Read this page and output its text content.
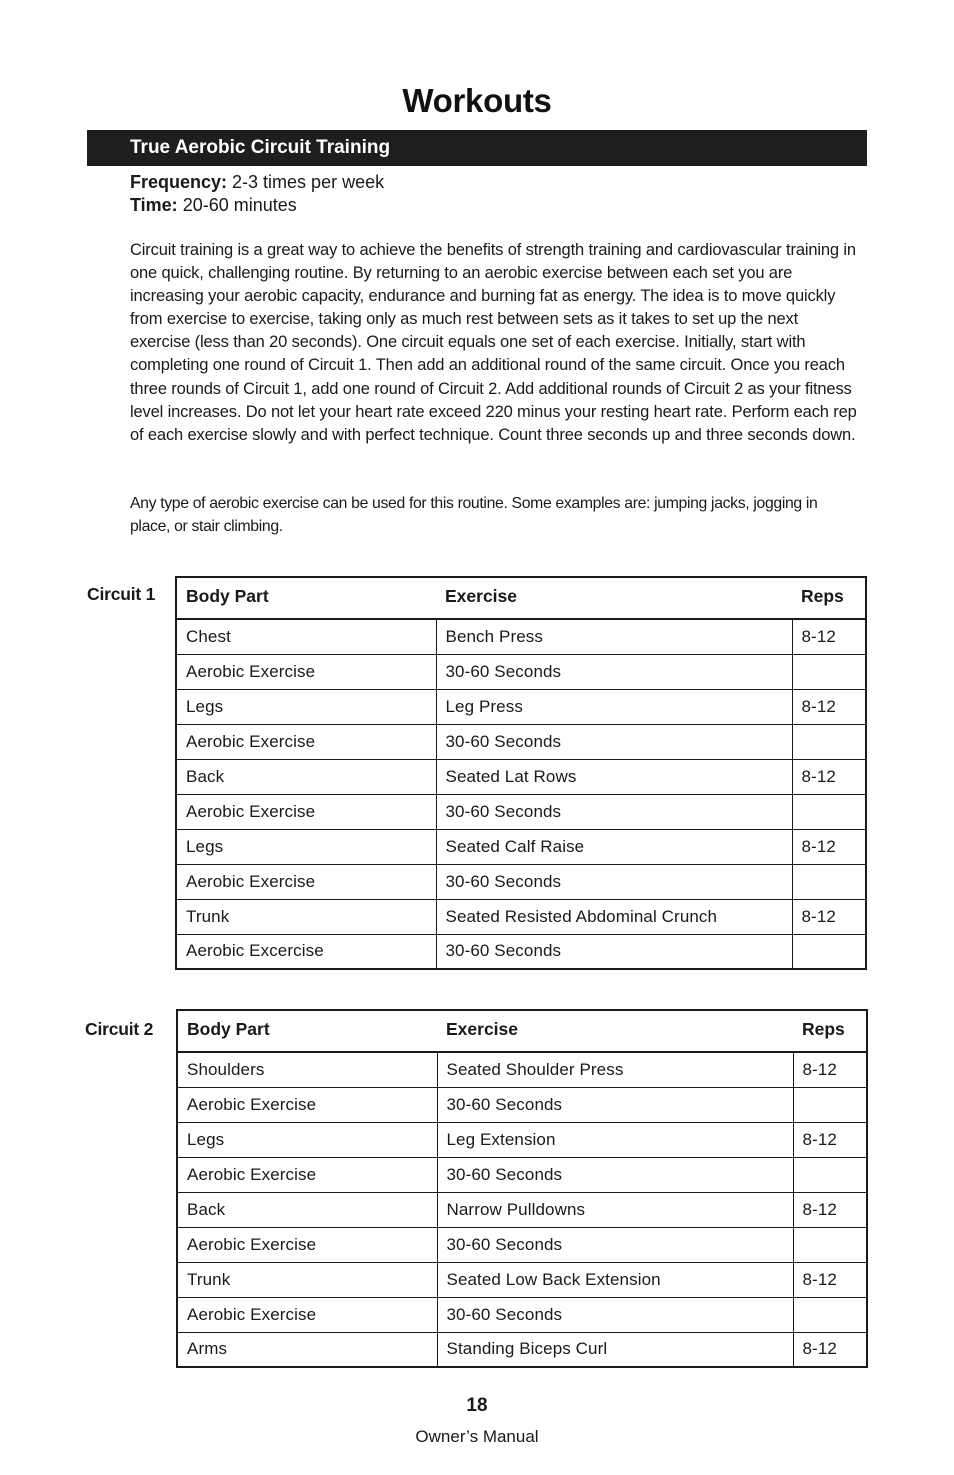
Workouts
True Aerobic Circuit Training
Frequency: 2-3 times per week
Time: 20-60 minutes
Circuit training is a great way to achieve the benefits of strength training and cardiovascular training in one quick, challenging routine. By returning to an aerobic exercise between each set you are increasing your aerobic capacity, endurance and burning fat as energy. The idea is to move quickly from exercise to exercise, taking only as much rest between sets as it takes to set up the next exercise (less than 20 seconds). One circuit equals one set of each exercise. Initially, start with completing one round of Circuit 1. Then add an additional round of the same circuit. Once you reach three rounds of Circuit 1, add one round of Circuit 2. Add additional rounds of Circuit 2 as your fitness level increases. Do not let your heart rate exceed 220 minus your resting heart rate. Perform each rep of each exercise slowly and with perfect technique. Count three seconds up and three seconds down.
Any type of aerobic exercise can be used for this routine. Some examples are: jumping jacks, jogging in place, or stair climbing.
Circuit 1 Body Part	Exercise	Reps
Chest	Bench Press	8-12
Aerobic Exercise	30-60 Seconds	
Legs	Leg Press	8-12
Aerobic Exercise	30-60 Seconds	
Back	Seated Lat Rows	8-12
Aerobic Exercise	30-60 Seconds	
Legs	Seated Calf Raise	8-12
Aerobic Exercise	30-60 Seconds	
Trunk	Seated Resisted Abdominal Crunch	8-12
Aerobic Excercise	30-60 Seconds	
Circuit 2 Body Part	Exercise	Reps
Shoulders	Seated Shoulder Press	8-12
Aerobic Exercise	30-60 Seconds	
Legs	Leg Extension	8-12
Aerobic Exercise	30-60 Seconds	
Back	Narrow Pulldowns	8-12
Aerobic Exercise	30-60 Seconds	
Trunk	Seated Low Back Extension	8-12
Aerobic Exercise	30-60 Seconds	
Arms	Standing Biceps Curl	8-12
18
Owner’s Manual
